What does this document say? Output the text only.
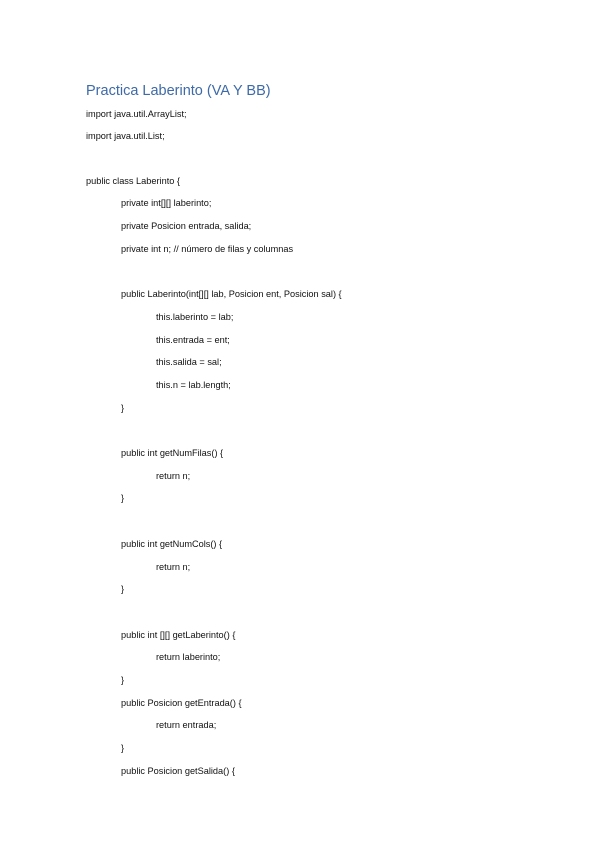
Practica Laberinto (VA Y BB)
import java.util.ArrayList;
import java.util.List;
public class Laberinto {
private int[][] laberinto;
private Posicion entrada, salida;
private int n; // número de filas y columnas
public Laberinto(int[][] lab, Posicion ent, Posicion sal) {
this.laberinto = lab;
this.entrada = ent;
this.salida = sal;
this.n = lab.length;
}
public int getNumFilas() {
return n;
}
public int getNumCols() {
return n;
}
public int [][] getLaberinto() {
return laberinto;
}
public Posicion getEntrada() {
return entrada;
}
public Posicion getSalida() {
